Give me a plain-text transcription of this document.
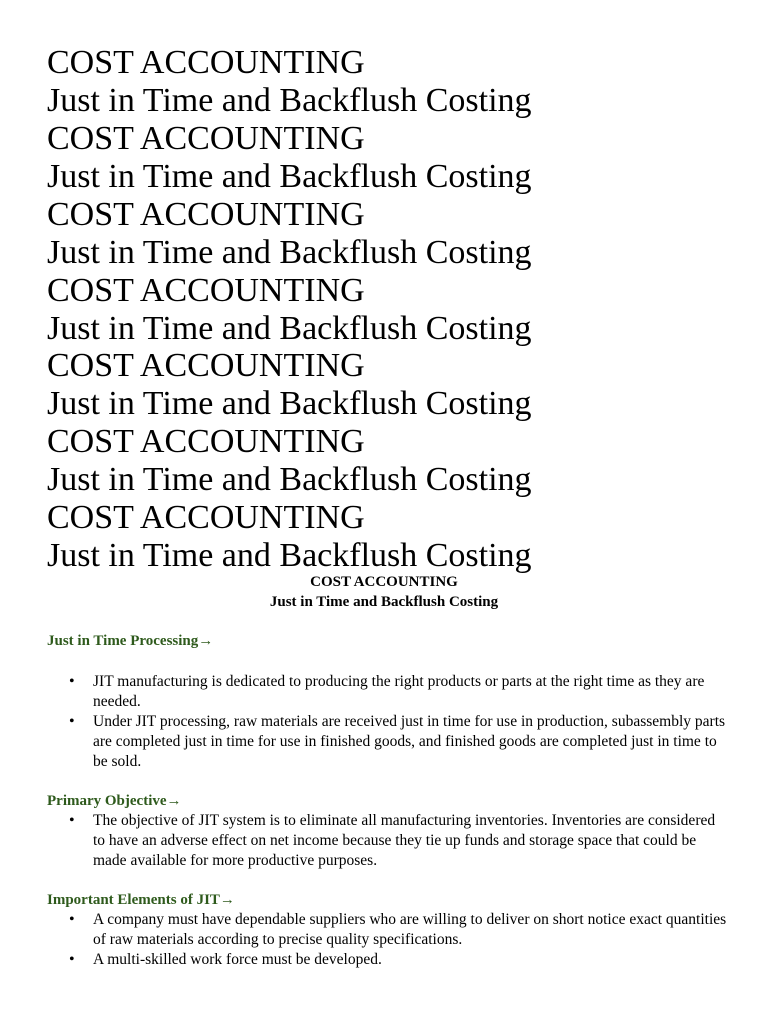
COST ACCOUNTING

Just in Time and Backflush Costing

COST ACCOUNTING

Just in Time and Backflush Costing

COST ACCOUNTING

Just in Time and Backflush Costing

COST ACCOUNTING

Just in Time and Backflush Costing

COST ACCOUNTING

Just in Time and Backflush Costing

COST ACCOUNTING

Just in Time and Backflush Costing

COST ACCOUNTING

Just in Time and Backflush Costing

COST ACCOUNTING

Just in Time and Backflush Costing

Just in Time Processing→

• JIT manufacturing is dedicated to producing the right products or parts at the right time as they are needed.
• Under JIT processing, raw materials are received just in time for use in production, subassembly parts are completed just in time for use in finished goods, and finished goods are completed just in time to be sold.

Primary Objective→

• The objective of JIT system is to eliminate all manufacturing inventories. Inventories are considered to have an adverse effect on net income because they tie up funds and storage space that could be made available for more productive purposes.

Important Elements of JIT→

• A company must have dependable suppliers who are willing to deliver on short notice exact quantities of raw materials according to precise quality specifications.
• A multi-skilled work force must be developed.
